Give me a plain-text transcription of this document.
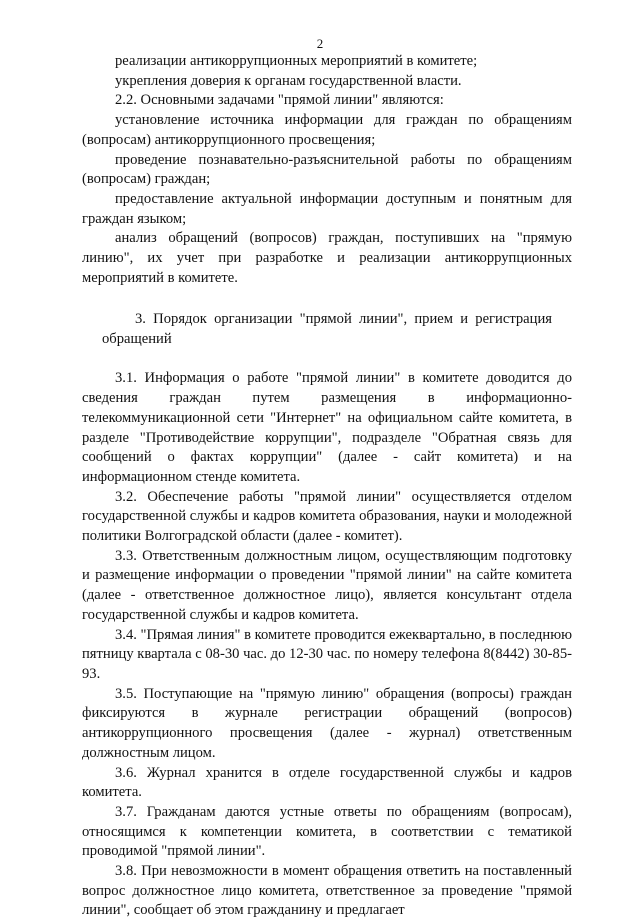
2

реализации антикоррупционных мероприятий в комитете;

укрепления доверия к органам государственной власти.

2.2. Основными задачами "прямой линии" являются:

установление источника информации для граждан по обращениям (вопросам) антикоррупционного просвещения;

проведение познавательно-разъяснительной работы по обращениям (вопросам) граждан;

предоставление актуальной информации доступным и понятным для граждан языком;

анализ обращений (вопросов) граждан, поступивших на "прямую линию", их учет при разработке и реализации антикоррупционных мероприятий в комитете.

3. Порядок организации "прямой линии", прием и регистрация обращений

3.1. Информация о работе "прямой линии" в комитете доводится до сведения граждан путем размещения в информационно-телекоммуникационной сети "Интернет" на официальном сайте комитета, в разделе "Противодействие коррупции", подразделе "Обратная связь для сообщений о фактах коррупции" (далее - сайт комитета) и на информационном стенде комитета.

3.2. Обеспечение работы "прямой линии" осуществляется отделом государственной службы и кадров комитета образования, науки и молодежной политики Волгоградской области (далее - комитет).

3.3. Ответственным должностным лицом, осуществляющим подготовку и размещение информации о проведении "прямой линии" на сайте комитета (далее - ответственное должностное лицо), является консультант отдела государственной службы и кадров комитета.

3.4. "Прямая линия" в комитете проводится ежеквартально, в последнюю пятницу квартала с 08-30 час. до 12-30 час. по номеру телефона 8(8442) 30-85-93.

3.5. Поступающие на "прямую линию" обращения (вопросы) граждан фиксируются в журнале регистрации обращений (вопросов) антикоррупционного просвещения (далее - журнал) ответственным должностным лицом.

3.6. Журнал хранится в отделе государственной службы и кадров комитета.

3.7. Гражданам даются устные ответы по обращениям (вопросам), относящимся к компетенции комитета, в соответствии с тематикой проводимой "прямой линии".

3.8. При невозможности в момент обращения ответить на поставленный вопрос должностное лицо комитета, ответственное за проведение "прямой линии", сообщает об этом гражданину и предлагает
